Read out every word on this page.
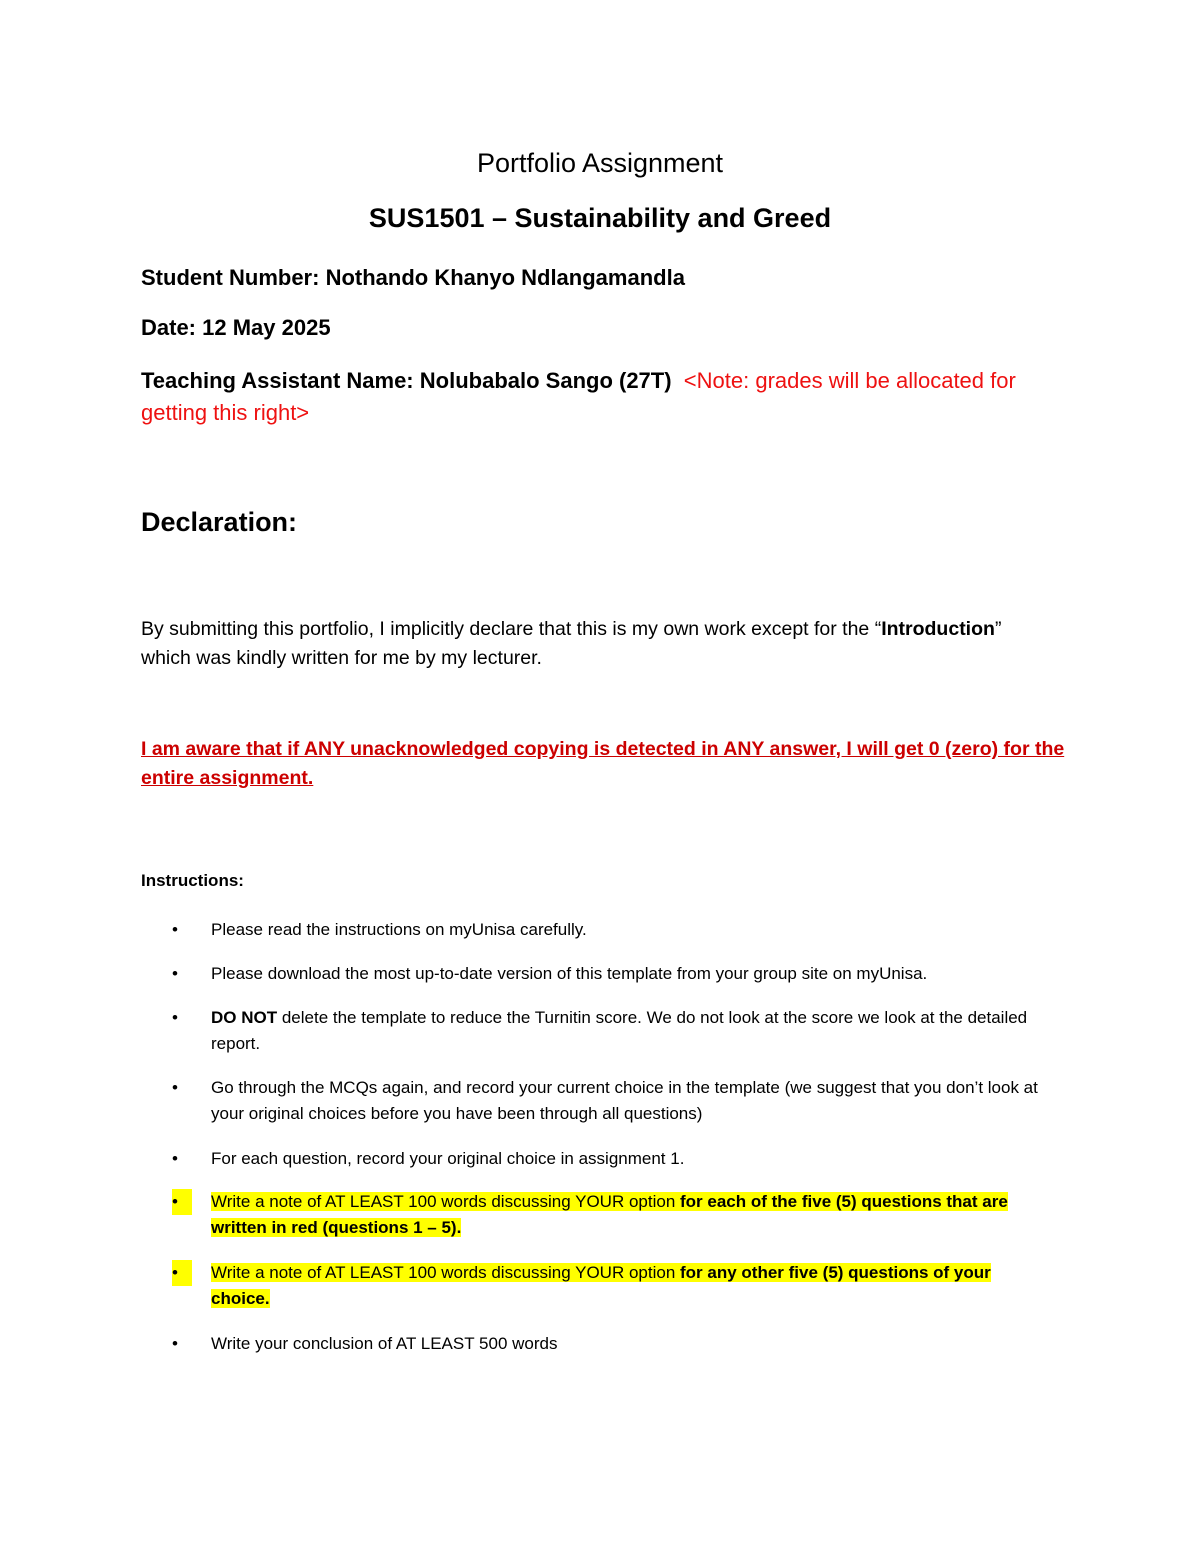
Portfolio Assignment
SUS1501 – Sustainability and Greed
Student Number: Nothando Khanyo Ndlangamandla
Date: 12 May 2025
Teaching Assistant Name: Nolubabalo Sango (27T) <Note: grades will be allocated for getting this right>
Declaration:
By submitting this portfolio, I implicitly declare that this is my own work except for the “Introduction” which was kindly written for me by my lecturer.
I am aware that if ANY unacknowledged copying is detected in ANY answer, I will get 0 (zero) for the entire assignment.
Instructions:
•	Please read the instructions on myUnisa carefully.
•	Please download the most up-to-date version of this template from your group site on myUnisa.
•	DO NOT delete the template to reduce the Turnitin score. We do not look at the score we look at the detailed report.
•	Go through the MCQs again, and record your current choice in the template (we suggest that you don’t look at your original choices before you have been through all questions)
•	For each question, record your original choice in assignment 1.
•	Write a note of AT LEAST 100 words discussing YOUR option for each of the five (5) questions that are written in red (questions 1 – 5).
•	Write a note of AT LEAST 100 words discussing YOUR option for any other five (5) questions of your choice.
•	Write your conclusion of AT LEAST 500 words
